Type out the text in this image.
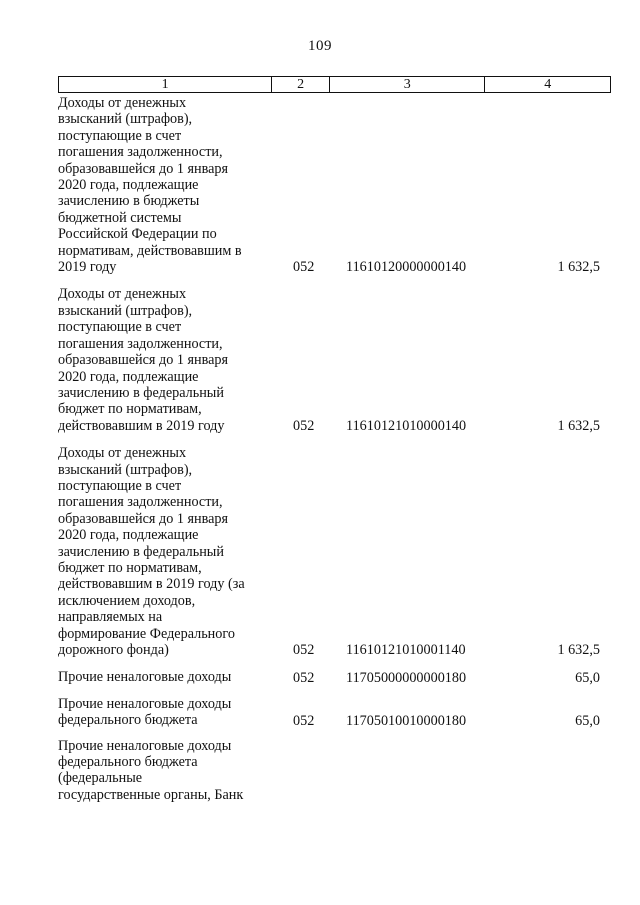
109
1	2	3	4
Доходы от денежных
взысканий (штрафов),
поступающие в счет
погашения задолженности,
образовавшейся до 1 января
2020 года, подлежащие
зачислению в бюджеты
бюджетной системы
Российской Федерации по
нормативам, действовавшим в
2019 году	052 11610120000000140	1 632,5
Доходы от денежных
взысканий (штрафов),
поступающие в счет
погашения задолженности,
образовавшейся до 1 января
2020 года, подлежащие
зачислению в федеральный
бюджет по нормативам,
действовавшим в 2019 году	052 11610121010000140	1 632,5
Доходы от денежных
взысканий (штрафов),
поступающие в счет
погашения задолженности,
образовавшейся до 1 января
2020 года, подлежащие
зачислению в федеральный
бюджет по нормативам,
действовавшим в 2019 году (за
исключением доходов,
направляемых на
формирование Федерального
дорожного фонда)	052 11610121010001140	1 632,5
Прочие неналоговые доходы	052 11705000000000180	65,0
Прочие неналоговые доходы
федерального бюджета	052 11705010010000180	65,0
Прочие неналоговые доходы
федерального бюджета
(федеральные
государственные органы, Банк
